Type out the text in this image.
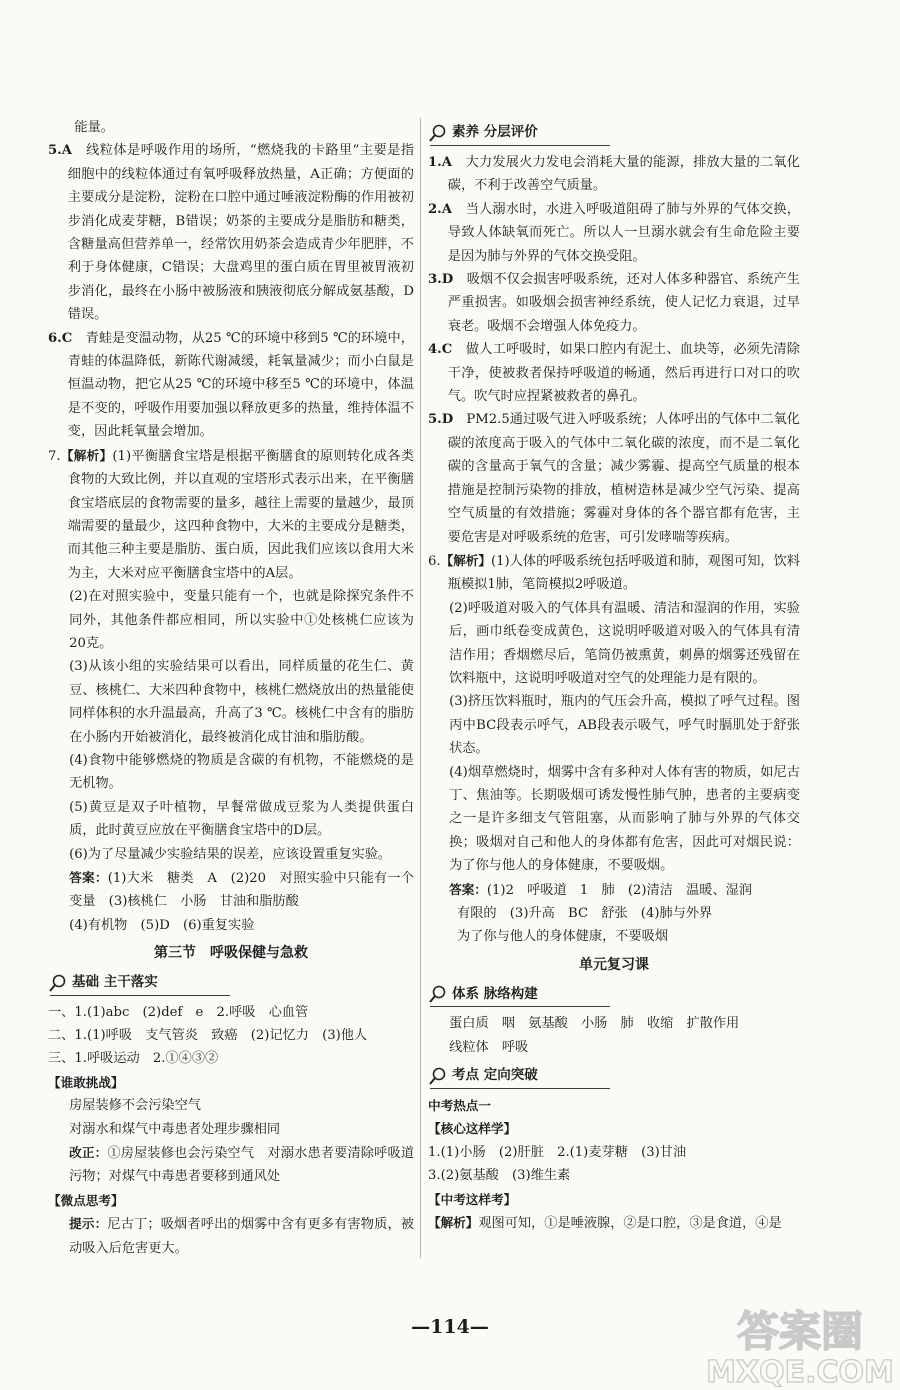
能量。

5.A　线粒体是呼吸作用的场所，“燃烧我的卡路里”主要是指细胞中的线粒体通过有氧呼吸释放热量，A正确；方便面的主要成分是淀粉，淀粉在口腔中通过唾液淀粉酶的作用被初步消化成麦芽糖，B错误；奶茶的主要成分是脂肪和糖类，含糖量高但营养单一，经常饮用奶茶会造成青少年肥胖，不利于身体健康，C错误；大盘鸡里的蛋白质在胃里被胃液初步消化，最终在小肠中被肠液和胰液彻底分解成氨基酸，D错误。

6.C　青蛙是变温动物，从25 ℃的环境中移到5 ℃的环境中，青蛙的体温降低，新陈代谢减缓，耗氧量减少；而小白鼠是恒温动物，把它从25 ℃的环境中移至5 ℃的环境中，体温是不变的，呼吸作用要加强以释放更多的热量，维持体温不变，因此耗氧量会增加。

7.【解析】(1)平衡膳食宝塔是根据平衡膳食的原则转化成各类食物的大致比例，并以直观的宝塔形式表示出来，在平衡膳食宝塔底层的食物需要的量多，越往上需要的量越少，最顶端需要的量最少，这四种食物中，大米的主要成分是糖类，而其他三种主要是脂肪、蛋白质，因此我们应该以食用大米为主，大米对应平衡膳食宝塔中的A层。

(2)在对照实验中，变量只能有一个，也就是除探究条件不同外，其他条件都应相同，所以实验中①处核桃仁应该为20克。

(3)从该小组的实验结果可以看出，同样质量的花生仁、黄豆、核桃仁、大米四种食物中，核桃仁燃烧放出的热量能使同样体积的水升温最高，升高了3 ℃。核桃仁中含有的脂肪在小肠内开始被消化，最终被消化成甘油和脂肪酸。

(4)食物中能够燃烧的物质是含碳的有机物，不能燃烧的是无机物。

(5)黄豆是双子叶植物，早餐常做成豆浆为人类提供蛋白质，此时黄豆应放在平衡膳食宝塔中的D层。

(6)为了尽量减少实验结果的误差，应该设置重复实验。

答案：(1)大米　糖类　A　(2)20　对照实验中只能有一个变量　(3)核桃仁　小肠　甘油和脂肪酸

(4)有机物　(5)D　(6)重复实验

第三节　呼吸保健与急救
基础 主干落实

一、1.(1)abc　(2)def　e　2.呼吸　心血管

二、1.(1)呼吸　支气管炎　致癌　(2)记忆力　(3)他人

三、1.呼吸运动　2.①④③②

【谁敢挑战】

房屋装修不会污染空气

对溺水和煤气中毒患者处理步骤相同

改正：①房屋装修也会污染空气　对溺水患者要清除呼吸道污物；对煤气中毒患者要移到通风处

【微点思考】

提示：尼古丁；吸烟者呼出的烟雾中含有更多有害物质，被动吸入后危害更大。

素养 分层评价

1.A　大力发展火力发电会消耗大量的能源，排放大量的二氧化碳，不利于改善空气质量。

2.A　当人溺水时，水进入呼吸道阻碍了肺与外界的气体交换，导致人体缺氧而死亡。所以人一旦溺水就会有生命危险主要是因为肺与外界的气体交换受阻。

3.D　吸烟不仅会损害呼吸系统，还对人体多种器官、系统产生严重损害。如吸烟会损害神经系统，使人记忆力衰退，过早衰老。吸烟不会增强人体免疫力。

4.C　做人工呼吸时，如果口腔内有泥土、血块等，必须先清除干净，使被救者保持呼吸道的畅通，然后再进行口对口的吹气。吹气时应捏紧被救者的鼻孔。

5.D　PM2.5通过吸气进入呼吸系统；人体呼出的气体中二氧化碳的浓度高于吸入的气体中二氧化碳的浓度，而不是二氧化碳的含量高于氧气的含量；减少雾霾、提高空气质量的根本措施是控制污染物的排放，植树造林是减少空气污染、提高空气质量的有效措施；雾霾对身体的各个器官都有危害，主要危害是对呼吸系统的危害，可引发哮喘等疾病。

6.【解析】(1)人体的呼吸系统包括呼吸道和肺，观图可知，饮料瓶模拟1肺，笔筒模拟2呼吸道。

(2)呼吸道对吸入的气体具有温暖、清洁和湿润的作用，实验后，画巾纸卷变成黄色，这说明呼吸道对吸入的气体具有清洁作用；香烟燃尽后，笔筒仍被熏黄，刺鼻的烟雾还残留在饮料瓶中，这说明呼吸道对空气的处理能力是有限的。

(3)挤压饮料瓶时，瓶内的气压会升高，模拟了呼气过程。图丙中BC段表示呼气，AB段表示吸气，呼气时膈肌处于舒张状态。

(4)烟草燃烧时，烟雾中含有多种对人体有害的物质，如尼古丁、焦油等。长期吸烟可诱发慢性肺气肿，患者的主要病变之一是许多细支气管阻塞，从而影响了肺与外界的气体交换；吸烟对自己和他人的身体都有危害，因此可对烟民说：为了你与他人的身体健康，不要吸烟。

答案：(1)2　呼吸道　1　肺　(2)清洁　温暖、湿润

有限的　(3)升高　BC　舒张　(4)肺与外界

为了你与他人的身体健康，不要吸烟

单元复习课
体系 脉络构建

蛋白质　咽　氨基酸　小肠　肺　收缩　扩散作用

线粒体　呼吸

考点 定向突破

中考热点一

【核心这样学】

1.(1)小肠　(2)肝脏　2.(1)麦芽糖　(3)甘油

3.(2)氨基酸　(3)维生素

【中考这样考】

【解析】观图可知，①是唾液腺，②是口腔，③是食道，④是

—114—	答案圈
MXQE.COM
